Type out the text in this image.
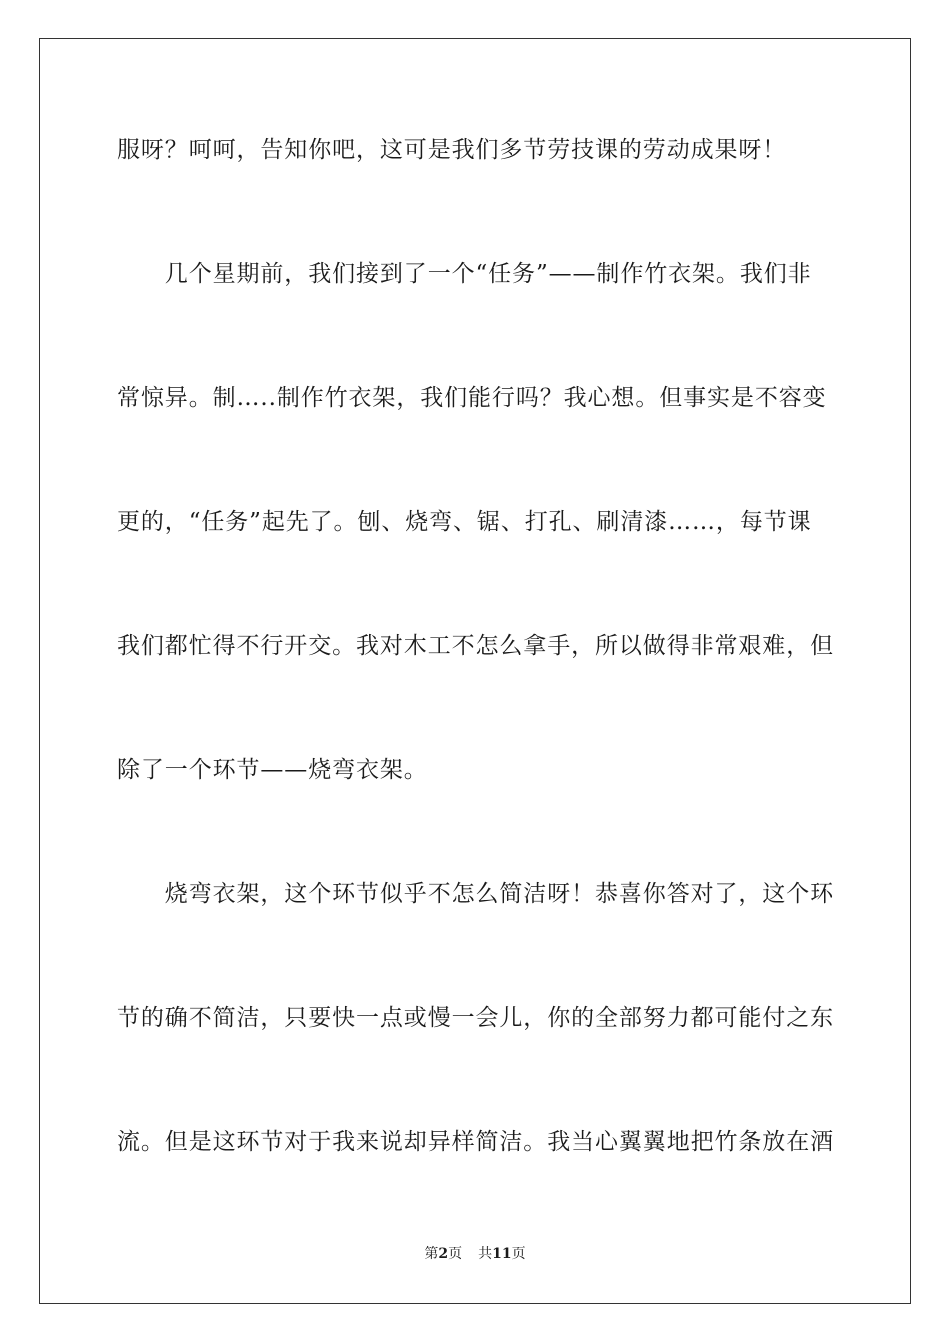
服呀？呵呵，告知你吧，这可是我们多节劳技课的劳动成果呀！
　　几个星期前，我们接到了一个“任务”——制作竹衣架。我们非
常惊异。制…..制作竹衣架，我们能行吗？我心想。但事实是不容变
更的，“任务”起先了。刨、烧弯、锯、打孔、刷清漆……，每节课
我们都忙得不行开交。我对木工不怎么拿手，所以做得非常艰难，但
除了一个环节——烧弯衣架。
　　烧弯衣架，这个环节似乎不怎么简洁呀！恭喜你答对了，这个环
节的确不简洁，只要快一点或慢一会儿，你的全部努力都可能付之东
流。但是这环节对于我来说却异样简洁。我当心翼翼地把竹条放在酒
第2页 共11页
